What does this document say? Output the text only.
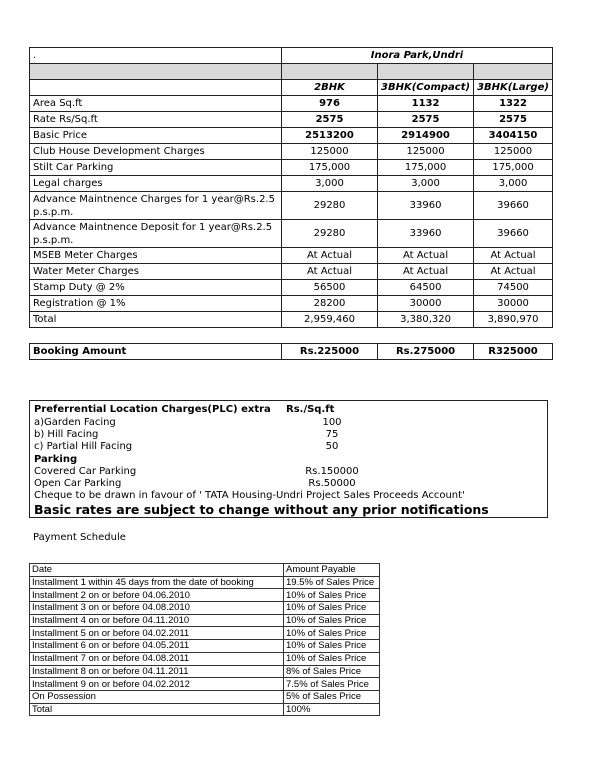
.	Inora Park,Undri		

	2BHK	3BHK(Compact)	3BHK(Large)
Area Sq.ft	976	1132	1322
Rate Rs/Sq.ft	2575	2575	2575
Basic Price	2513200	2914900	3404150
Club House Development Charges	125000	125000	125000
Stilt Car Parking	175,000	175,000	175,000
Legal charges	3,000	3,000	3,000
Advance Maintnence Charges for 1 year@Rs.2.5 p.s.p.m.	29280	33960	39660
Advance Maintnence Deposit for 1 year@Rs.2.5 p.s.p.m.	29280	33960	39660
MSEB Meter Charges	At Actual	At Actual	At Actual
Water Meter Charges	At Actual	At Actual	At Actual
Stamp Duty @ 2%	56500	64500	74500
Registration @ 1%	28200	30000	30000
Total	2,959,460	3,380,320	3,890,970

Booking Amount	Rs.225000	Rs.275000	R325000
Preferrential Location Charges(PLC) extra Rs./Sq.ft
a)Garden Facing	100
b) Hill Facing	75
c) Partial Hill Facing	50
Parking
Covered Car Parking	Rs.150000
Open Car Parking	Rs.50000
Cheque to be drawn in favour of ' TATA Housing-Undri Project Sales Proceeds Account'
Basic rates are subject to change without any prior notifications
Payment Schedule
Date	Amount Payable
Installment 1 within 45 days from the date of booking	19.5% of Sales Price
Installment 2 on or before 04.06.2010	10% of Sales Price
Installment 3 on or before 04.08.2010	10% of Sales Price
Installment 4 on or before 04.11.2010	10% of Sales Price
Installment 5 on or before 04.02.2011	10% of Sales Price
Installment 6 on or before 04.05.2011	10% of Sales Price
Installment 7 on or before 04.08.2011	10% of Sales Price
Installment 8 on or before 04.11.2011	8% of Sales Price
Installment 9 on or before 04.02.2012	7.5% of Sales Price
On Possession	5% of Sales Price
Total	100%
